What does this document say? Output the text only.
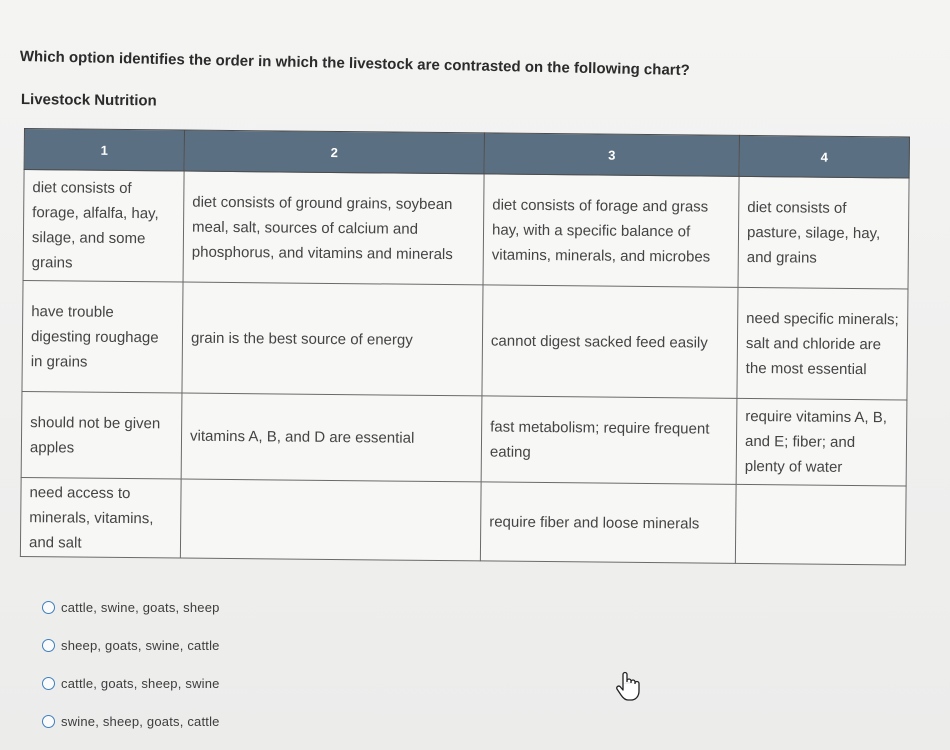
Which option identifies the order in which the livestock are contrasted on the following chart?
Livestock Nutrition
1	2	3	4
diet consists of forage, alfalfa, hay, silage, and some grains	diet consists of ground grains, soybean meal, salt, sources of calcium and phosphorus, and vitamins and minerals	diet consists of forage and grass hay, with a specific balance of vitamins, minerals, and microbes	diet consists of pasture, silage, hay, and grains
have trouble digesting roughage in grains	grain is the best source of energy	cannot digest sacked feed easily	need specific minerals; salt and chloride are the most essential
should not be given apples	vitamins A, B, and D are essential	fast metabolism; require frequent eating	require vitamins A, B, and E; fiber; and plenty of water
need access to minerals, vitamins, and salt		require fiber and loose minerals	
cattle, swine, goats, sheep
sheep, goats, swine, cattle
cattle, goats, sheep, swine
swine, sheep, goats, cattle
